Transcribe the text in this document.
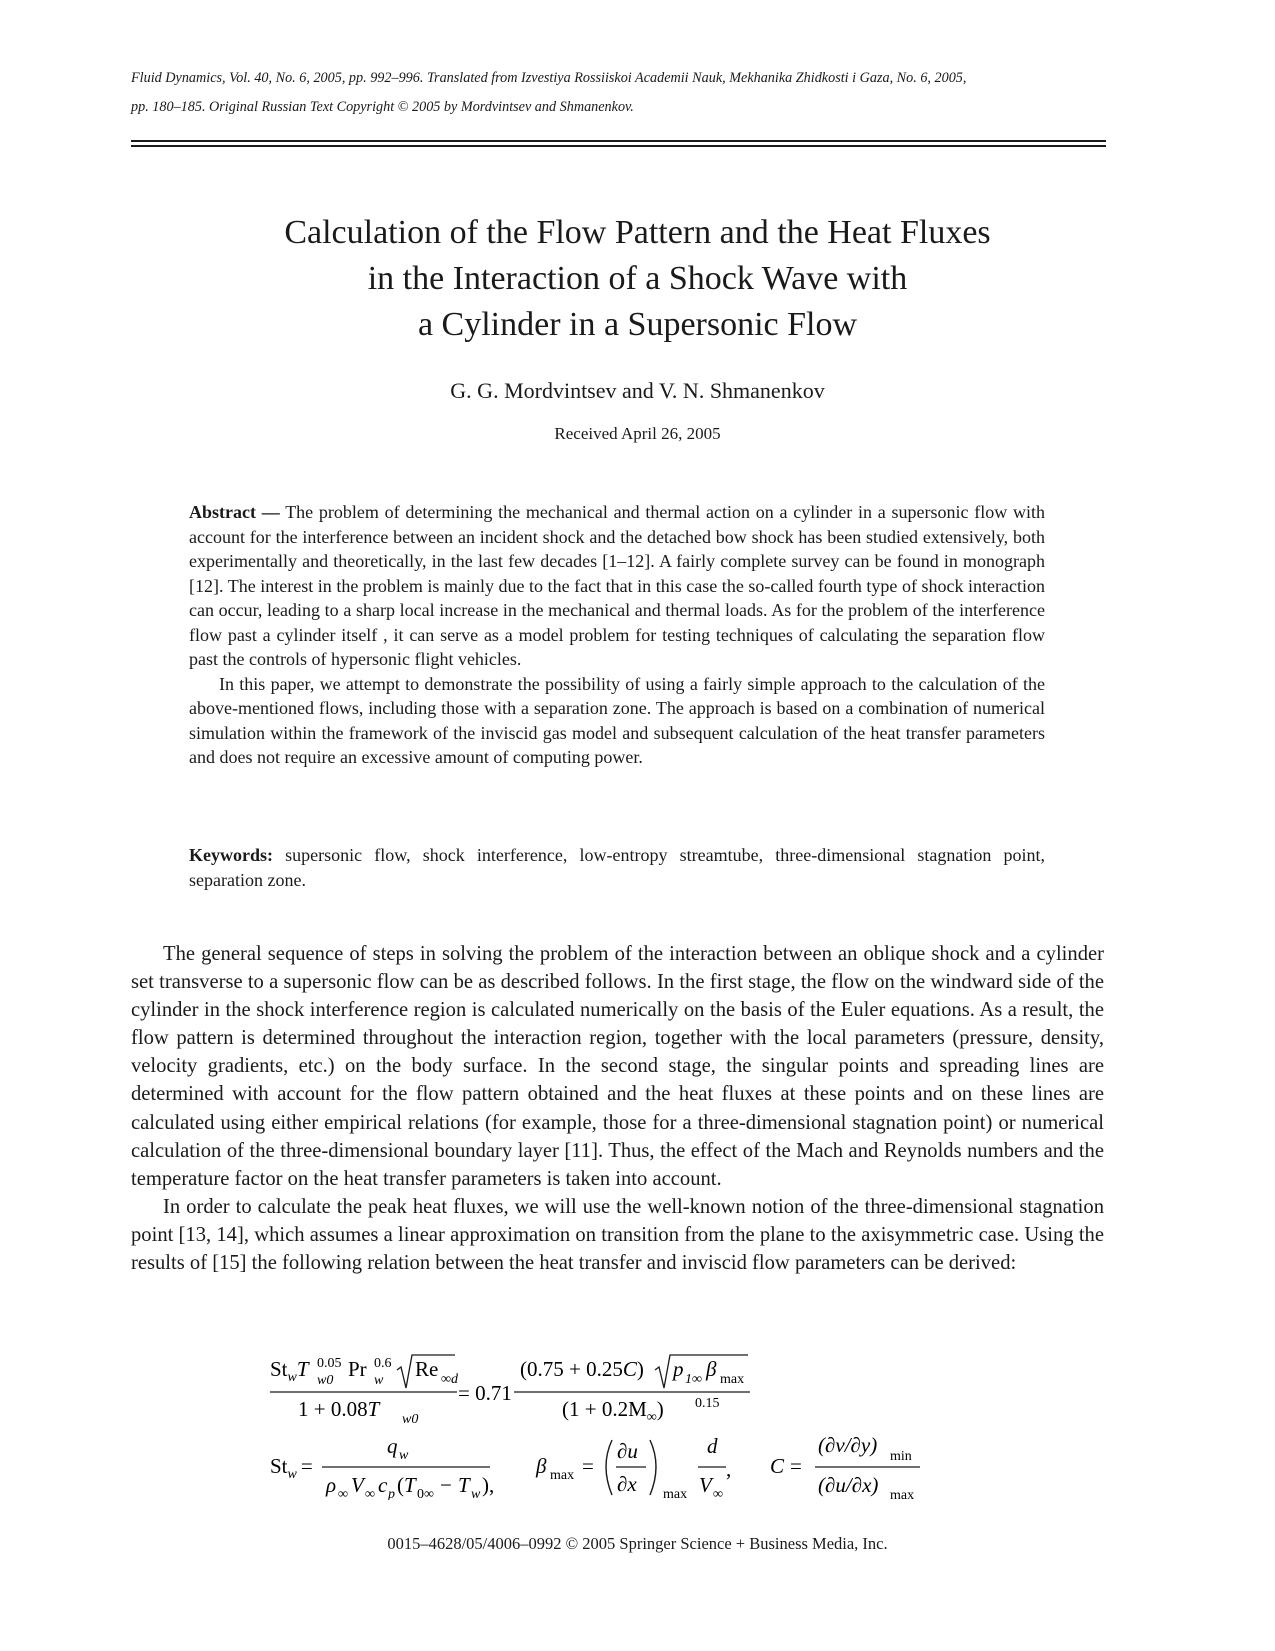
Fluid Dynamics, Vol. 40, No. 6, 2005, pp. 992–996. Translated from Izvestiya Rossiiskoi Academii Nauk, Mekhanika Zhidkosti i Gaza, No. 6, 2005,
pp. 180–185. Original Russian Text Copyright © 2005 by Mordvintsev and Shmanenkov.
Calculation of the Flow Pattern and the Heat Fluxes
in the Interaction of a Shock Wave with
a Cylinder in a Supersonic Flow
G. G. Mordvintsev and V. N. Shmanenkov
Received April 26, 2005

Abstract — The problem of determining the mechanical and thermal action on a cylinder in a supersonic flow with account for the interference between an incident shock and the detached bow shock has been studied extensively, both experimentally and theoretically, in the last few decades [1–12]. A fairly complete survey can be found in monograph [12]. The interest in the problem is mainly due to the fact that in this case the so-called fourth type of shock interaction can occur, leading to a sharp local increase in the mechanical and thermal loads. As for the problem of the interference flow past a cylinder itself , it can serve as a model problem for testing techniques of calculating the separation flow past the controls of hypersonic flight vehicles.

In this paper, we attempt to demonstrate the possibility of using a fairly simple approach to the calculation of the above-mentioned flows, including those with a separation zone. The approach is based on a combination of numerical simulation within the framework of the inviscid gas model and subsequent calculation of the heat transfer parameters and does not require an excessive amount of computing power.

Keywords: supersonic flow, shock interference, low-entropy streamtube, three-dimensional stagnation point, separation zone.

The general sequence of steps in solving the problem of the interaction between an oblique shock and a cylinder set transverse to a supersonic flow can be as described follows. In the first stage, the flow on the windward side of the cylinder in the shock interference region is calculated numerically on the basis of the Euler equations. As a result, the flow pattern is determined throughout the interaction region, together with the local parameters (pressure, density, velocity gradients, etc.) on the body surface. In the second stage, the singular points and spreading lines are determined with account for the flow pattern obtained and the heat fluxes at these points and on these lines are calculated using either empirical relations (for example, those for a three-dimensional stagnation point) or numerical calculation of the three-dimensional boundary layer [11]. Thus, the effect of the Mach and Reynolds numbers and the temperature factor on the heat transfer parameters is taken into account.

In order to calculate the peak heat fluxes, we will use the well-known notion of the three-dimensional stagnation point [13, 14], which assumes a linear approximation on transition from the plane to the axisymmetric case. Using the results of [15] the following relation between the heat transfer and inviscid flow parameters can be derived:

$St_wT$ w0
0.05 Pr w
0.6 Re ∞d
1 + 0.08T w0
= 0.71
(0.75 + 0.25C) p 1∞ β max
$(1 + 0.2M_\infty)$ 0.15
$St_w$ =
q w
ρ ∞ V ∞ c p ( T 0∞ − T w ),
β max =
∂u
∂x max
d
V ∞
, C =
(∂v/∂y) min
(∂u/∂x) max
0015–4628/05/4006–0992 © 2005 Springer Science + Business Media, Inc.
